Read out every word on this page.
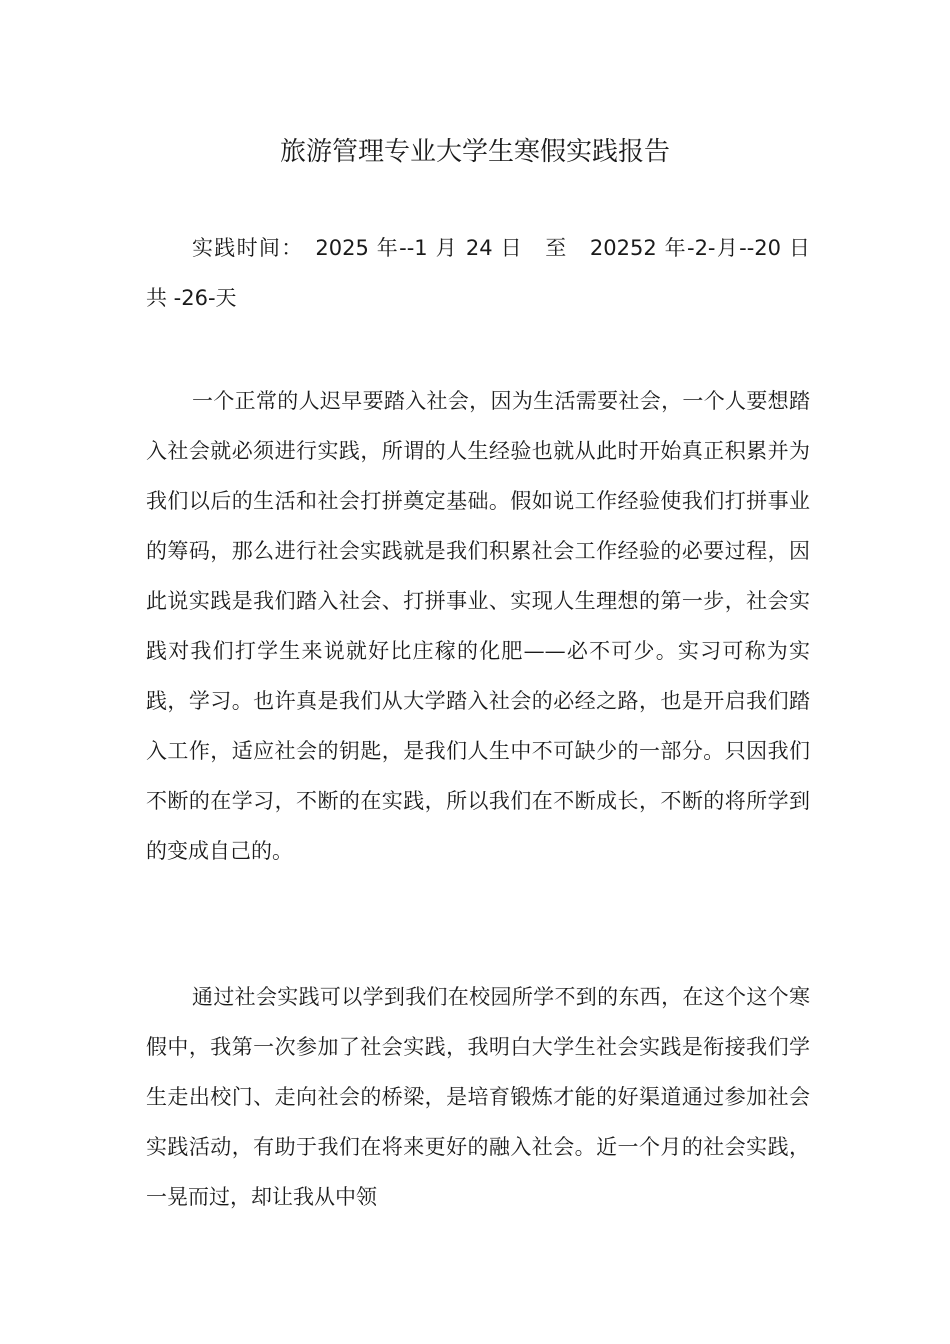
旅游管理专业大学生寒假实践报告

实践时间：　2025 年--1 月 24 日　至　20252 年-2-月--20 日　共 -26-天

一个正常的人迟早要踏入社会，因为生活需要社会，一个人要想踏入社会就必须进行实践，所谓的人生经验也就从此时开始真正积累并为我们以后的生活和社会打拼奠定基础。假如说工作经验使我们打拼事业的筹码，那么进行社会实践就是我们积累社会工作经验的必要过程，因此说实践是我们踏入社会、打拼事业、实现人生理想的第一步，社会实践对我们打学生来说就好比庄稼的化肥——必不可少。实习可称为实践，学习。也许真是我们从大学踏入社会的必经之路，也是开启我们踏入工作，适应社会的钥匙，是我们人生中不可缺少的一部分。只因我们不断的在学习，不断的在实践，所以我们在不断成长，不断的将所学到的变成自己的。

通过社会实践可以学到我们在校园所学不到的东西，在这个这个寒假中，我第一次参加了社会实践，我明白大学生社会实践是衔接我们学生走出校门、走向社会的桥梁，是培育锻炼才能的好渠道通过参加社会实践活动，有助于我们在将来更好的融入社会。近一个月的社会实践，一晃而过，却让我从中领
